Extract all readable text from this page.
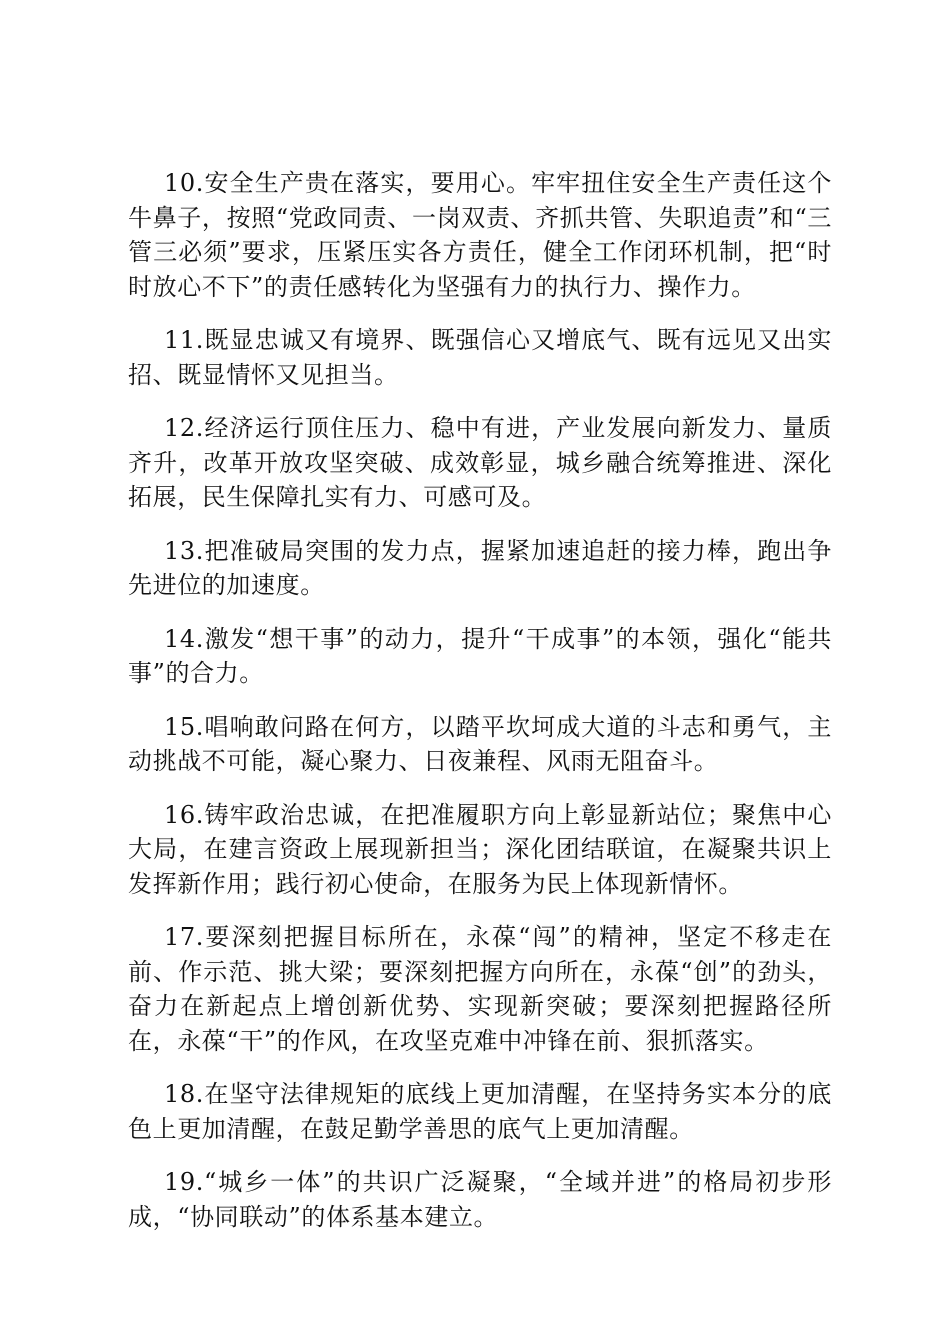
10.安全生产贵在落实，要用心。牢牢扭住安全生产责任这个牛鼻子，按照“党政同责、一岗双责、齐抓共管、失职追责”和“三管三必须”要求，压紧压实各方责任，健全工作闭环机制，把“时时放心不下”的责任感转化为坚强有力的执行力、操作力。

11.既显忠诚又有境界、既强信心又增底气、既有远见又出实招、既显情怀又见担当。

12.经济运行顶住压力、稳中有进，产业发展向新发力、量质齐升，改革开放攻坚突破、成效彰显，城乡融合统筹推进、深化拓展，民生保障扎实有力、可感可及。

13.把准破局突围的发力点，握紧加速追赶的接力棒，跑出争先进位的加速度。

14.激发“想干事”的动力，提升“干成事”的本领，强化“能共事”的合力。

15.唱响敢问路在何方，以踏平坎坷成大道的斗志和勇气，主动挑战不可能，凝心聚力、日夜兼程、风雨无阻奋斗。

16.铸牢政治忠诚，在把准履职方向上彰显新站位；聚焦中心大局，在建言资政上展现新担当；深化团结联谊，在凝聚共识上发挥新作用；践行初心使命，在服务为民上体现新情怀。

17.要深刻把握目标所在，永葆“闯”的精神，坚定不移走在前、作示范、挑大梁；要深刻把握方向所在，永葆“创”的劲头，奋力在新起点上增创新优势、实现新突破；要深刻把握路径所在，永葆“干”的作风，在攻坚克难中冲锋在前、狠抓落实。

18.在坚守法律规矩的底线上更加清醒，在坚持务实本分的底色上更加清醒，在鼓足勤学善思的底气上更加清醒。

19.“城乡一体”的共识广泛凝聚，“全域并进”的格局初步形成，“协同联动”的体系基本建立。
